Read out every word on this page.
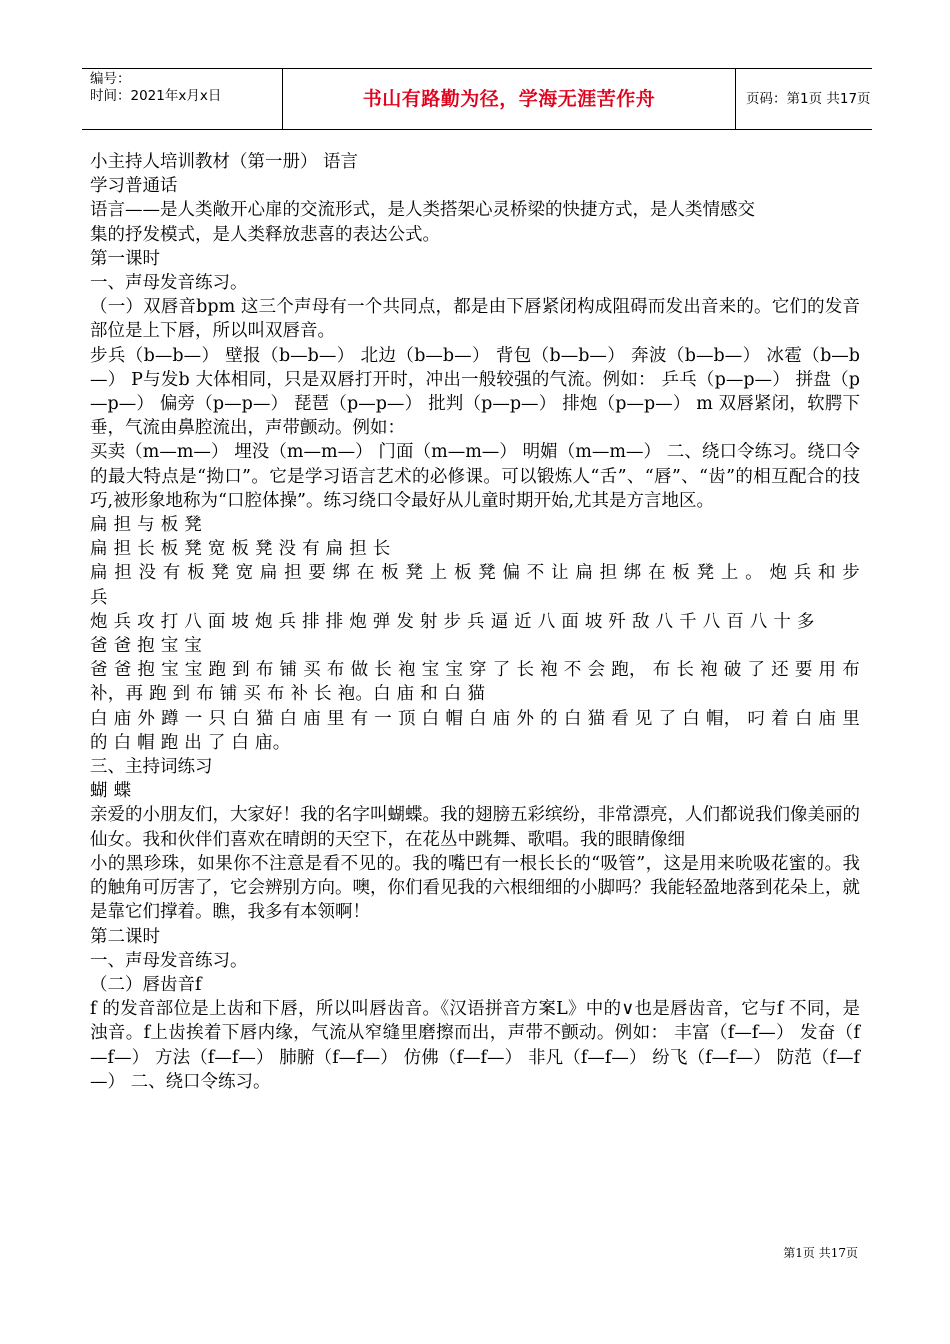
编号：
时间：2021年x月x日	书山有路勤为径，学海无涯苦作舟	页码：第1页 共17页

小主持人培训教材（第一册） 语言

学习普通话

语言——是人类敞开心扉的交流形式，是人类搭架心灵桥梁的快捷方式，是人类情感交

集的抒发模式，是人类释放悲喜的表达公式。

第一课时

一、声母发音练习。

（一）双唇音bpm 这三个声母有一个共同点，都是由下唇紧闭构成阻碍而发出音来的。它们的发音部位是上下唇，所以叫双唇音。

步兵（b—b—） 壁报（b—b—） 北边（b—b—） 背包（b—b—） 奔波（b—b—） 冰雹（b—b—） P与发b 大体相同，只是双唇打开时，冲出一般较强的气流。例如： 乒乓（p—p—） 拼盘（p—p—） 偏旁（p—p—） 琵琶（p—p—） 批判（p—p—） 排炮（p—p—） m 双唇紧闭，软腭下垂，气流由鼻腔流出，声带颤动。例如：

买卖（m—m—） 埋没（m—m—） 门面（m—m—） 明媚（m—m—） 二、绕口令练习。绕口令的最大特点是“拗口”。它是学习语言艺术的必修课。可以锻炼人“舌”、“唇”、“齿”的相互配合的技巧,被形象地称为“口腔体操”。练习绕口令最好从儿童时期开始,尤其是方言地区。

扁 担 与 板 凳

扁 担 长 板 凳 宽 板 凳 没 有 扁 担 长

扁 担 没 有 板 凳 宽 扁 担 要 绑 在 板 凳 上 板 凳 偏 不 让 扁 担 绑 在 板 凳 上 。 炮 兵 和 步 兵

炮 兵 攻 打 八 面 坡 炮 兵 排 排 炮 弹 发 射 步 兵 逼 近 八 面 坡 歼 敌 八 千 八 百 八 十 多

爸 爸 抱 宝 宝

爸 爸 抱 宝 宝 跑 到 布 铺 买 布 做 长 袍 宝 宝 穿 了 长 袍 不 会 跑， 布 长 袍 破 了 还 要 用 布 补，再 跑 到 布 铺 买 布 补 长 袍。白 庙 和 白 猫

白 庙 外 蹲 一 只 白 猫 白 庙 里 有 一 顶 白 帽 白 庙 外 的 白 猫 看 见 了 白 帽， 叼 着 白 庙 里 的 白 帽 跑 出 了 白 庙。

三、主持词练习

蝴 蝶

亲爱的小朋友们，大家好！我的名字叫蝴蝶。我的翅膀五彩缤纷，非常漂亮，人们都说我们像美丽的仙女。我和伙伴们喜欢在晴朗的天空下，在花丛中跳舞、歌唱。我的眼睛像细

小的黑珍珠，如果你不注意是看不见的。我的嘴巴有一根长长的“吸管”，这是用来吮吸花蜜的。我的触角可厉害了，它会辨别方向。噢，你们看见我的六根细细的小脚吗？我能轻盈地落到花朵上，就是靠它们撑着。瞧，我多有本领啊！

第二课时

一、声母发音练习。

（二）唇齿音f

f 的发音部位是上齿和下唇，所以叫唇齿音。《汉语拼音方案L》中的∨也是唇齿音，它与f 不同，是浊音。f上齿挨着下唇内缘，气流从窄缝里磨擦而出，声带不颤动。例如： 丰富（f—f—） 发奋（f—f—） 方法（f—f—） 肺腑（f—f—） 仿佛（f—f—） 非凡（f—f—） 纷飞（f—f—） 防范（f—f—） 二、绕口令练习。

第1页 共17页
